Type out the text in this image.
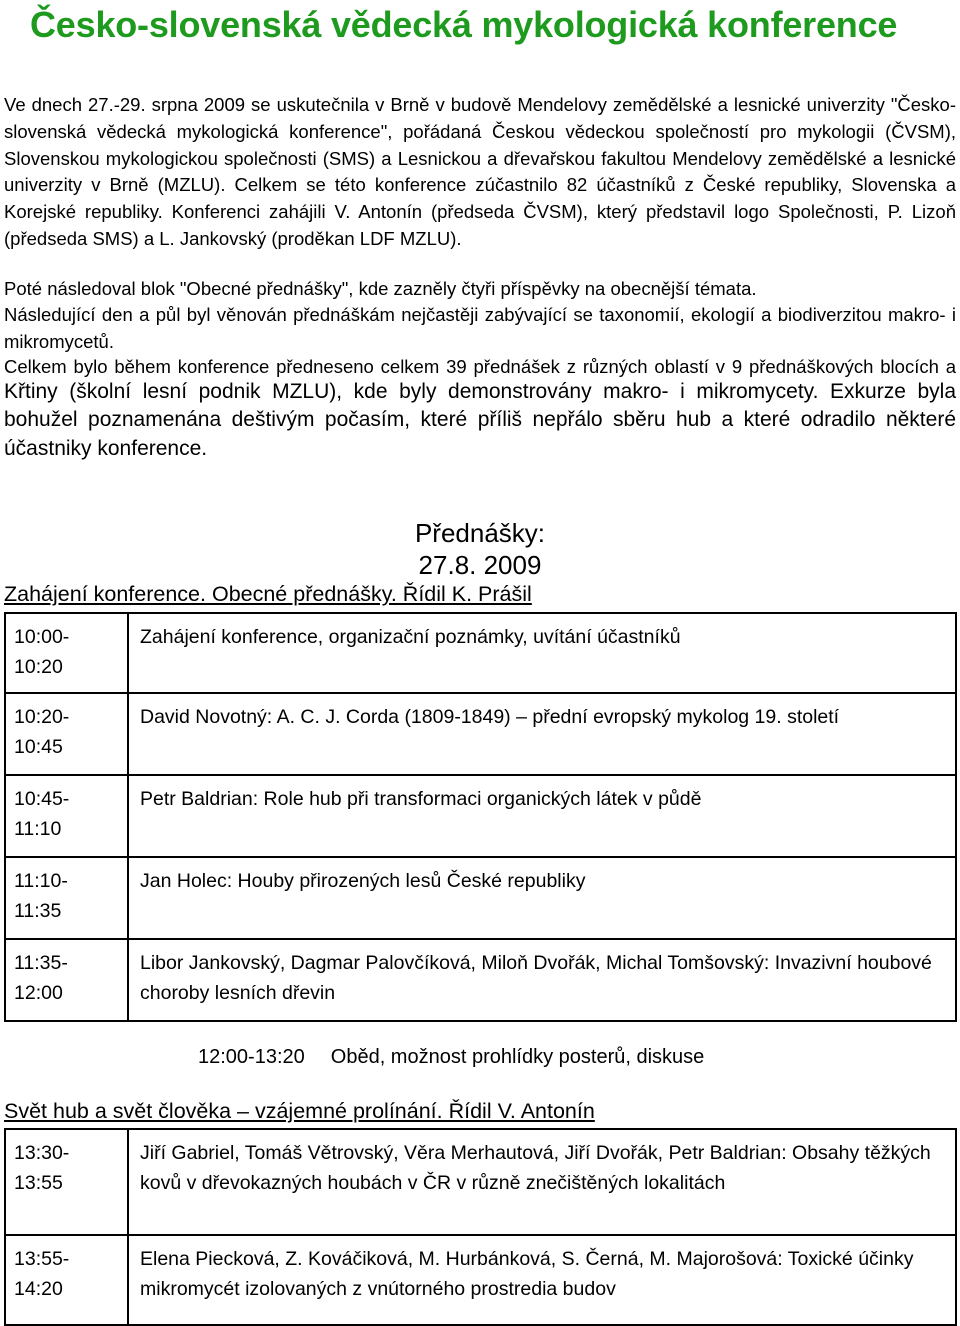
Česko-slovenská vědecká mykologická konference
Ve dnech 27.-29. srpna 2009 se uskutečnila v Brně v budově Mendelovy zemědělské a lesnické univerzity "Česko-slovenská vědecká mykologická konference", pořádaná Českou vědeckou společností pro mykologii (ČVSM), Slovenskou mykologickou společnosti (SMS) a Lesnickou a dřevařskou fakultou Mendelovy zemědělské a lesnické univerzity v Brně (MZLU). Celkem se této konference zúčastnilo 82 účastníků z České republiky, Slovenska a Korejské republiky. Konferenci zahájili V. Antonín (předseda ČVSM), který představil logo Společnosti, P. Lizoň (předseda SMS) a L. Jankovský (proděkan LDF MZLU).
Poté následoval blok "Obecné přednášky", kde zazněly čtyři příspěvky na obecnější témata.
Následující den a půl byl věnován přednáškám nejčastěji zabývající se taxonomií, ekologií a biodiverzitou makro- i mikromycetů.
Celkem bylo během konference předneseno celkem 39 přednášek z různých oblastí v 9 přednáškových blocích a
Křtiny (školní lesní podnik MZLU), kde byly demonstrovány makro- i mikromycety. Exkurze byla bohužel poznamenána deštivým počasím, které příliš nepřálo sběru hub a které odradilo některé účastniky konference.
Přednášky:
27.8. 2009
Zahájení konference. Obecné přednášky. Řídil K. Prášil
10:00-
10:20	Zahájení konference, organizační poznámky, uvítání účastníků
10:20-
10:45	David Novotný: A. C. J. Corda (1809-1849) – přední evropský mykolog 19. století
10:45-
11:10	Petr Baldrian: Role hub při transformaci organických látek v půdě
11:10-
11:35	Jan Holec: Houby přirozených lesů České republiky
11:35-
12:00	Libor Jankovský, Dagmar Palovčíková, Miloň Dvořák, Michal Tomšovský: Invazivní houbové choroby lesních dřevin
12:00-13:20 Oběd, možnost prohlídky posterů, diskuse
Svět hub a svět člověka – vzájemné prolínání. Řídil V. Antonín
13:30-
13:55	Jiří Gabriel, Tomáš Větrovský, Věra Merhautová, Jiří Dvořák, Petr Baldrian: Obsahy těžkých kovů v dřevokazných houbách v ČR v různě znečištěných lokalitách
13:55-
14:20	Elena Piecková, Z. Kováčiková, M. Hurbánková, S. Černá, M. Majorošová: Toxické účinky mikromycét izolovaných z vnútorného prostredia budov
